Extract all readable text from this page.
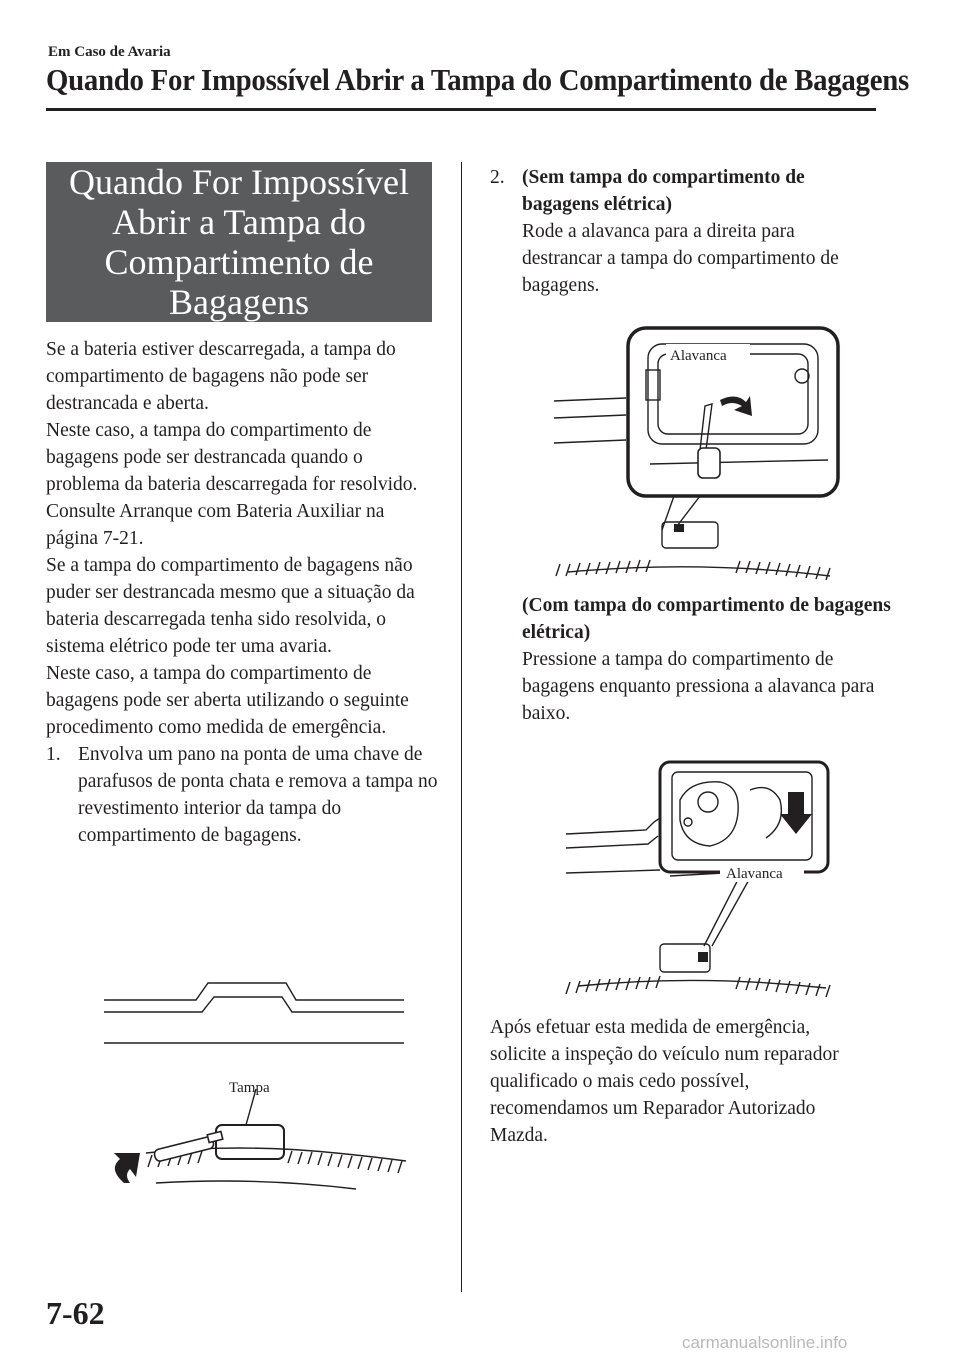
Em Caso de Avaria
Quando For Impossível Abrir a Tampa do Compartimento de Bagagens
Quando For Impossível Abrir a Tampa do Compartimento de Bagagens

Se a bateria estiver descarregada, a tampa do compartimento de bagagens não pode ser destrancada e aberta.

Neste caso, a tampa do compartimento de bagagens pode ser destrancada quando o problema da bateria descarregada for resolvido.

Consulte Arranque com Bateria Auxiliar na página 7-21.

Se a tampa do compartimento de bagagens não puder ser destrancada mesmo que a situação da bateria descarregada tenha sido resolvida, o sistema elétrico pode ter uma avaria.

Neste caso, a tampa do compartimento de bagagens pode ser aberta utilizando o seguinte procedimento como medida de emergência.

1. Envolva um pano na ponta de uma chave de parafusos de ponta chata e remova a tampa no revestimento interior da tampa do compartimento de bagagens.
Tampa
2. (Sem tampa do compartimento de bagagens elétrica)

Rode a alavanca para a direita para destrancar a tampa do compartimento de bagagens.

Alavanca

(Com tampa do compartimento de bagagens elétrica)

Pressione a tampa do compartimento de bagagens enquanto pressiona a alavanca para baixo.

Alavanca

Após efetuar esta medida de emergência, solicite a inspeção do veículo num reparador qualificado o mais cedo possível, recomendamos um Reparador Autorizado Mazda.

7-62
carmanualsonline.info
